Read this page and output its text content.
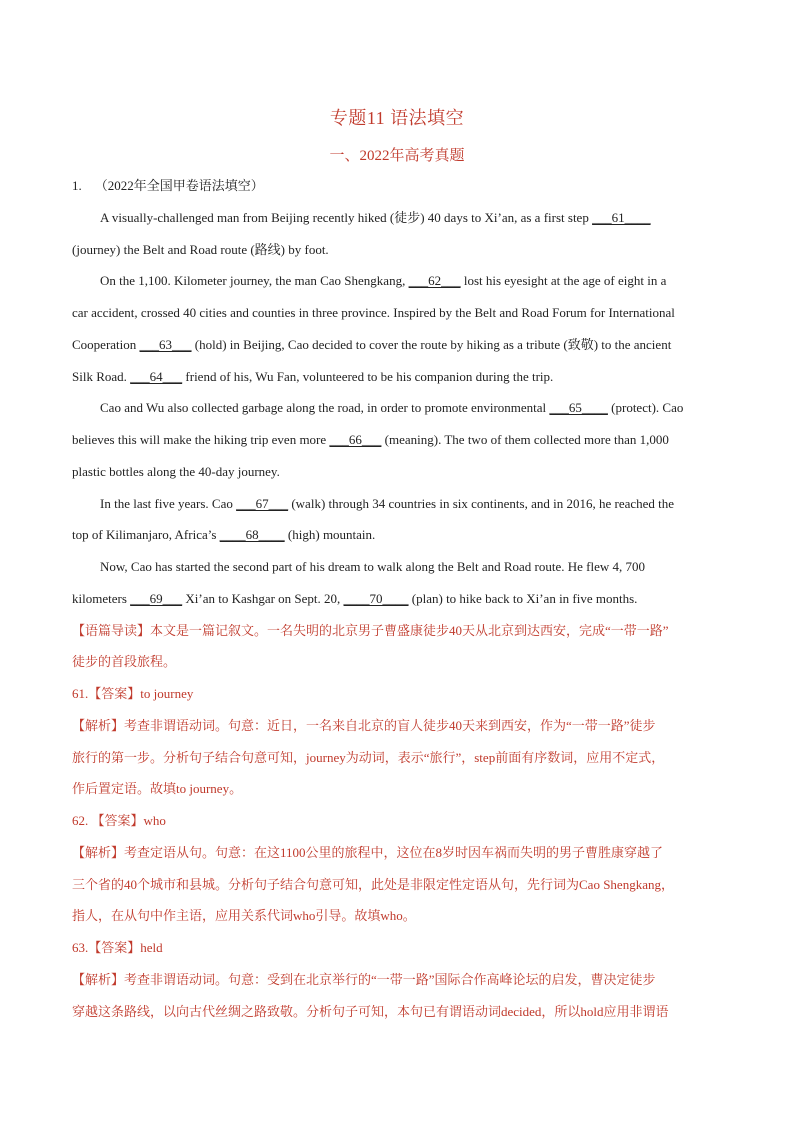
专题11 语法填空
一、2022年高考真题
1. （2022年全国甲卷语法填空）
A visually-challenged man from Beijing recently hiked (徒步) 40 days to Xi’an, as a first step ___61____
(journey) the Belt and Road route (路线) by foot.
On the 1,100. Kilometer journey, the man Cao Shengkang, ___62___ lost his eyesight at the age of eight in a
car accident, crossed 40 cities and counties in three province. Inspired by the Belt and Road Forum for International
Cooperation ___63___ (hold) in Beijing, Cao decided to cover the route by hiking as a tribute (致敬) to the ancient
Silk Road. ___64___ friend of his, Wu Fan, volunteered to be his companion during the trip.
Cao and Wu also collected garbage along the road, in order to promote environmental ___65____ (protect). Cao
believes this will make the hiking trip even more ___66___ (meaning). The two of them collected more than 1,000
plastic bottles along the 40-day journey.
In the last five years. Cao ___67___ (walk) through 34 countries in six continents, and in 2016, he reached the
top of Kilimanjaro, Africa’s ____68____ (high) mountain.
Now, Cao has started the second part of his dream to walk along the Belt and Road route. He flew 4, 700
kilometers ___69___ Xi’an to Kashgar on Sept. 20, ____70____ (plan) to hike back to Xi’an in five months.
【语篇导读】本文是一篇记叙文。一名失明的北京男子曹盛康徒步40天从北京到达西安，完成“一带一路”
徒步的首段旅程。
61.【答案】to journey
【解析】考查非谓语动词。句意：近日，一名来自北京的盲人徒步40天来到西安，作为“一带一路”徒步
旅行的第一步。分析句子结合句意可知，journey为动词，表示“旅行”，step前面有序数词，应用不定式，
作后置定语。故填to journey。
62. 【答案】who
【解析】考查定语从句。句意：在这1100公里的旅程中，这位在8岁时因车祸而失明的男子曹胜康穿越了
三个省的40个城市和县城。分析句子结合句意可知，此处是非限定性定语从句，先行词为Cao Shengkang，
指人，在从句中作主语，应用关系代词who引导。故填who。
63.【答案】held
【解析】考查非谓语动词。句意：受到在北京举行的“一带一路”国际合作高峰论坛的启发，曹决定徒步
穿越这条路线，以向古代丝绸之路致敬。分析句子可知，本句已有谓语动词decided，所以hold应用非谓语
